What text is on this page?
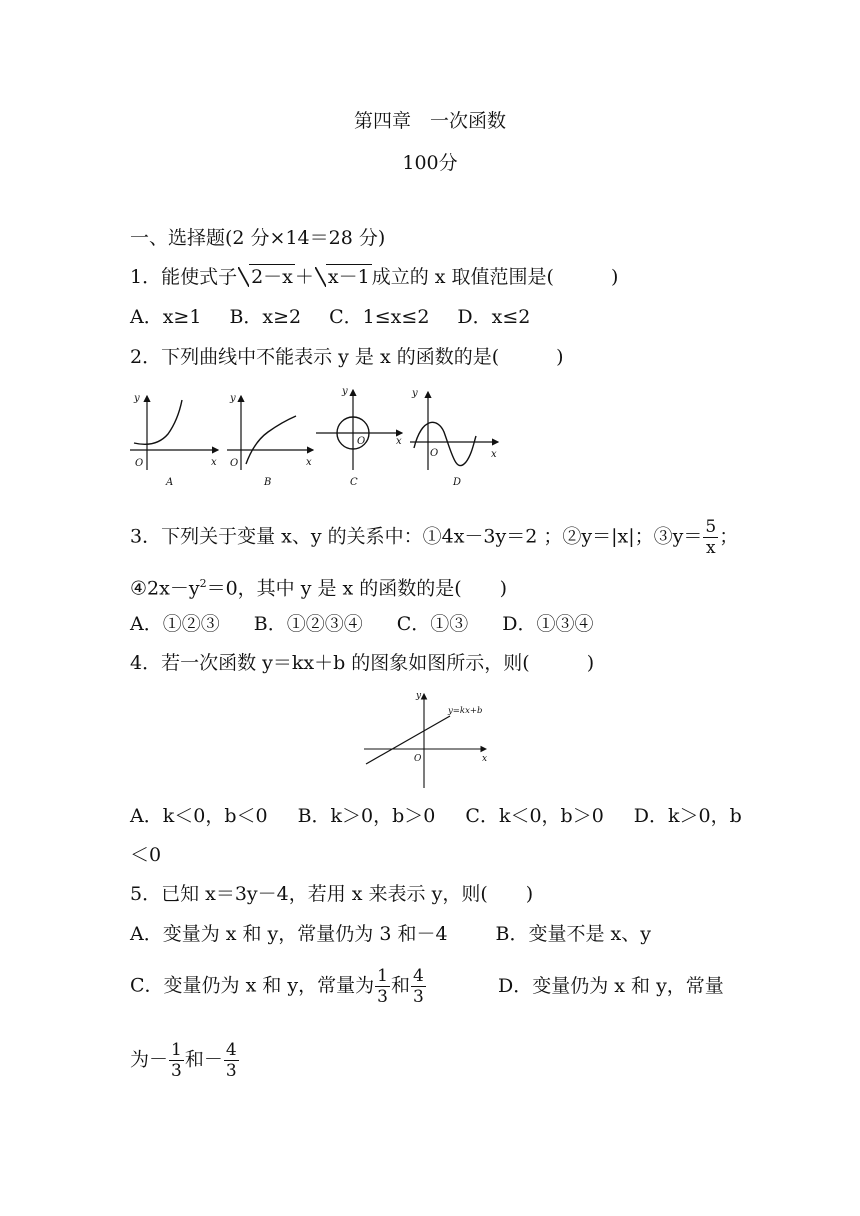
第四章　一次函数
100分
一、选择题(2 分×14＝28 分)
1．能使式子 2－x ＋ x－1 成立的 x 取值范围是(　　　)
A．x≥1 B．x≥2 C．1≤x≤2 D．x≤2
2．下列曲线中不能表示 y 是 x 的函数的是(　　　)
y
x
O
A
y
x
O
B
y
x
O
C
y
x
O
D
3．下列关于变量 x、y 的关系中：①4x－3y＝2 ；②y＝|x|；③y＝ $\frac{5}{x}$ ；
$④2x-y^2=0$，其中 y 是 x 的函数的是(　　)
A．①②③ B．①②③④ C．①③ D．①③④
4．若一次函数 y＝kx＋b 的图象如图所示，则(　　　)
y
x
O
y=kx+b
A．k＜0，b＜0 B．k＞0，b＞0 C．k＜0，b＞0 D．k＞0，b
＜0
5．已知 x＝3y－4，若用 x 来表示 y，则(　　)
A．变量为 x 和 y，常量仍为 3 和－4	B．变量不是 x、y
C．变量仍为 x 和 y，常量为 $\frac{1}{3}$ 和 $\frac{4}{3}$	D．变量仍为 x 和 y，常量
为－ $\frac{1}{3}$ 和－ $\frac{4}{3}$
